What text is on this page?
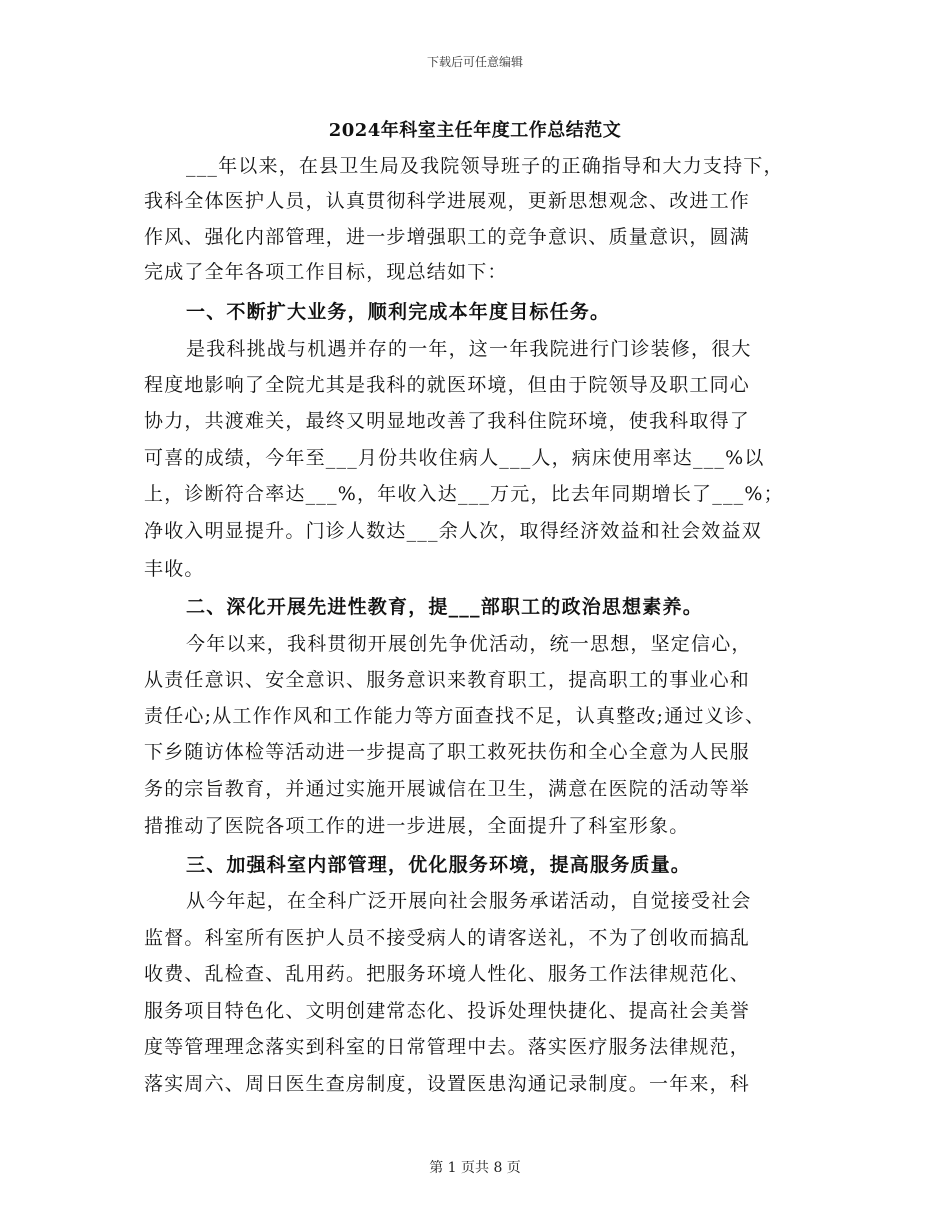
下载后可任意编辑
2024年科室主任年度工作总结范文
___年以来，在县卫生局及我院领导班子的正确指导和大力支持下，
我科全体医护人员，认真贯彻科学进展观，更新思想观念、改进工作
作风、强化内部管理，进一步增强职工的竞争意识、质量意识，圆满
完成了全年各项工作目标，现总结如下：
一、不断扩大业务，顺利完成本年度目标任务。
是我科挑战与机遇并存的一年，这一年我院进行门诊装修，很大
程度地影响了全院尤其是我科的就医环境，但由于院领导及职工同心
协力，共渡难关，最终又明显地改善了我科住院环境，使我科取得了
可喜的成绩，今年至___月份共收住病人___人，病床使用率达___%以
上，诊断符合率达___%，年收入达___万元，比去年同期增长了___%；
净收入明显提升。门诊人数达___余人次，取得经济效益和社会效益双
丰收。
二、深化开展先进性教育，提___部职工的政治思想素养。
今年以来，我科贯彻开展创先争优活动，统一思想，坚定信心，
从责任意识、安全意识、服务意识来教育职工，提高职工的事业心和
责任心;从工作作风和工作能力等方面查找不足，认真整改;通过义诊、
下乡随访体检等活动进一步提高了职工救死扶伤和全心全意为人民服
务的宗旨教育，并通过实施开展诚信在卫生，满意在医院的活动等举
措推动了医院各项工作的进一步进展，全面提升了科室形象。
三、加强科室内部管理，优化服务环境，提高服务质量。
从今年起，在全科广泛开展向社会服务承诺活动，自觉接受社会
监督。科室所有医护人员不接受病人的请客送礼，不为了创收而搞乱
收费、乱检查、乱用药。把服务环境人性化、服务工作法律规范化、
服务项目特色化、文明创建常态化、投诉处理快捷化、提高社会美誉
度等管理理念落实到科室的日常管理中去。落实医疗服务法律规范，
落实周六、周日医生查房制度，设置医患沟通记录制度。一年来，科
第 1 页共 8 页
